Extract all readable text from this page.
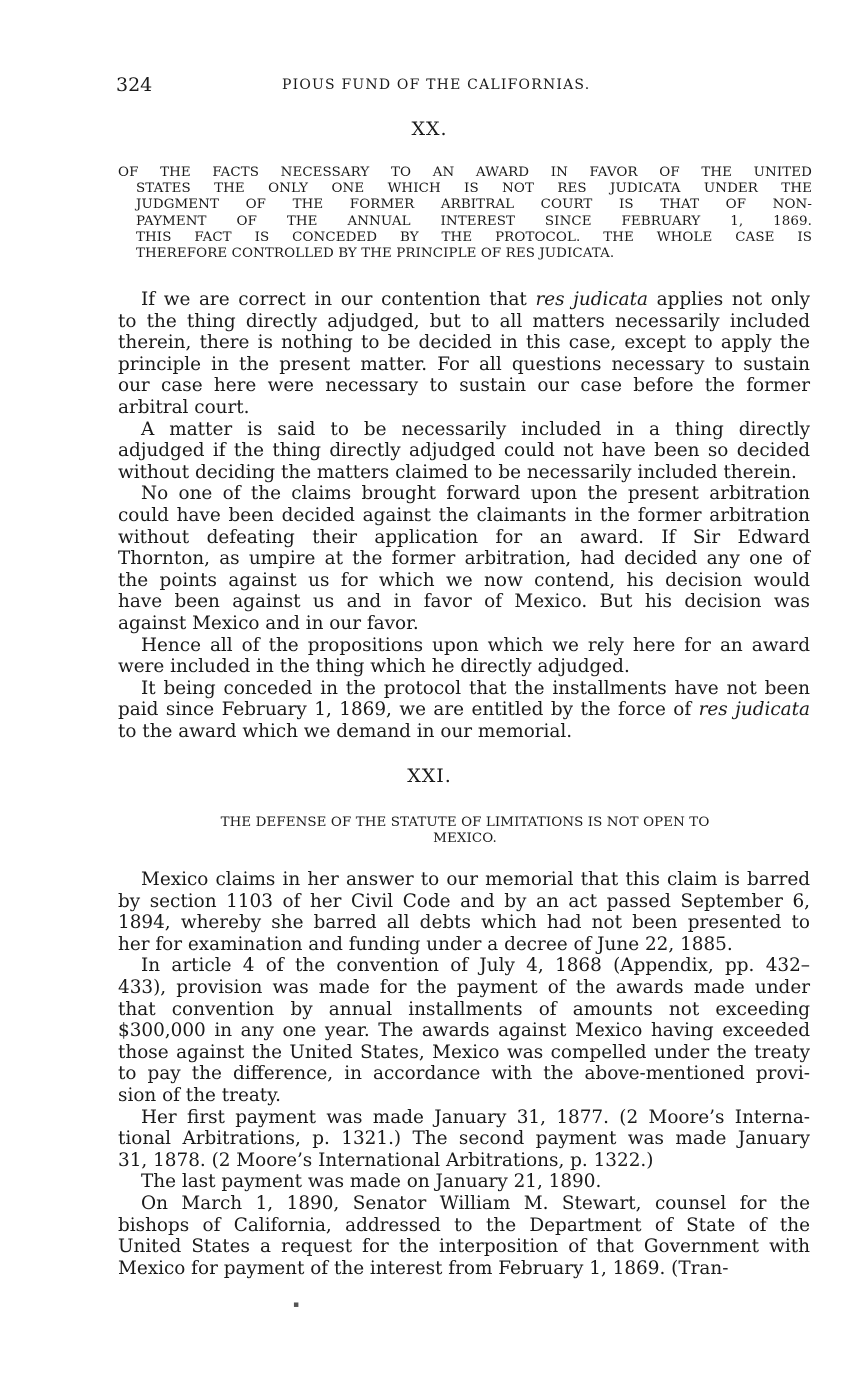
324	PIOUS FUND OF THE CALIFORNIAS.
XX.
OF THE FACTS NECESSARY TO AN AWARD IN FAVOR OF THE UNITED
STATES THE ONLY ONE WHICH IS NOT RES JUDICATA UNDER THE
JUDGMENT OF THE FORMER ARBITRAL COURT IS THAT OF NON-
PAYMENT OF THE ANNUAL INTEREST SINCE FEBRUARY 1, 1869.
THIS FACT IS CONCEDED BY THE PROTOCOL. THE WHOLE CASE IS
THEREFORE CONTROLLED BY THE PRINCIPLE OF RES JUDICATA.
If we are correct in our contention that res judicata applies not only
to the thing directly adjudged, but to all matters necessarily included
therein, there is nothing to be decided in this case, except to apply the
principle in the present matter. For all questions necessary to sustain
our case here were necessary to sustain our case before the former
arbitral court.
A matter is said to be necessarily included in a thing directly
adjudged if the thing directly adjudged could not have been so decided
without deciding the matters claimed to be necessarily included therein.
No one of the claims brought forward upon the present arbitration
could have been decided against the claimants in the former arbitration
without defeating their application for an award. If Sir Edward
Thornton, as umpire at the former arbitration, had decided any one of
the points against us for which we now contend, his decision would
have been against us and in favor of Mexico. But his decision was
against Mexico and in our favor.
Hence all of the propositions upon which we rely here for an award
were included in the thing which he directly adjudged.
It being conceded in the protocol that the installments have not been
paid since February 1, 1869, we are entitled by the force of res judicata
to the award which we demand in our memorial.
XXI.
THE DEFENSE OF THE STATUTE OF LIMITATIONS IS NOT OPEN TO
MEXICO.
Mexico claims in her answer to our memorial that this claim is barred
by section 1103 of her Civil Code and by an act passed September 6,
1894, whereby she barred all debts which had not been presented to
her for examination and funding under a decree of June 22, 1885.
In article 4 of the convention of July 4, 1868 (Appendix, pp. 432–
433), provision was made for the payment of the awards made under
that convention by annual installments of amounts not exceeding
$300,000 in any one year. The awards against Mexico having exceeded
those against the United States, Mexico was compelled under the treaty
to pay the difference, in accordance with the above-mentioned provi-
sion of the treaty.
Her first payment was made January 31, 1877. (2 Moore’s Interna-
tional Arbitrations, p. 1321.) The second payment was made January
31, 1878. (2 Moore’s International Arbitrations, p. 1322.)
The last payment was made on January 21, 1890.
On March 1, 1890, Senator William M. Stewart, counsel for the
bishops of California, addressed to the Department of State of the
United States a request for the interposition of that Government with
Mexico for payment of the interest from February 1, 1869. (Tran-
▪
